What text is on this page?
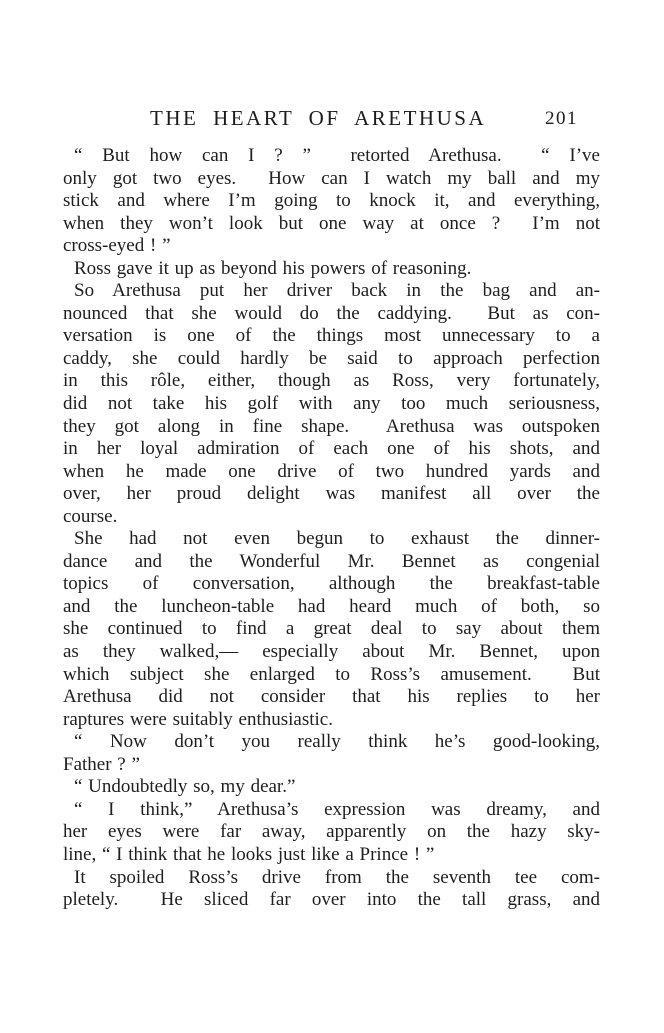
THE HEART OF ARETHUSA	201
“ But how can I ? ”  retorted Arethusa.  “ I’ve
only got two eyes.  How can I watch my ball and my
stick and where I’m going to knock it, and everything,
when they won’t look but one way at once ?  I’m not
cross-eyed ! ”
Ross gave it up as beyond his powers of reasoning.
So Arethusa put her driver back in the bag and an-
nounced that she would do the caddying.  But as con-
versation is one of the things most unnecessary to a
caddy, she could hardly be said to approach perfection
in this rôle, either, though as Ross, very fortunately,
did not take his golf with any too much seriousness,
they got along in fine shape.  Arethusa was outspoken
in her loyal admiration of each one of his shots, and
when he made one drive of two hundred yards and
over, her proud delight was manifest all over the
course.
She had not even begun to exhaust the dinner-
dance and the Wonderful Mr. Bennet as congenial
topics of conversation, although the breakfast-table
and the luncheon-table had heard much of both, so
she continued to find a great deal to say about them
as they walked,— especially about Mr. Bennet, upon
which subject she enlarged to Ross’s amusement.  But
Arethusa did not consider that his replies to her
raptures were suitably enthusiastic.
“ Now don’t you really think he’s good-looking,
Father ? ”
“ Undoubtedly so, my dear.”
“ I think,” Arethusa’s expression was dreamy, and
her eyes were far away, apparently on the hazy sky-
line, “ I think that he looks just like a Prince ! ”
It spoiled Ross’s drive from the seventh tee com-
pletely.  He sliced far over into the tall grass, and
